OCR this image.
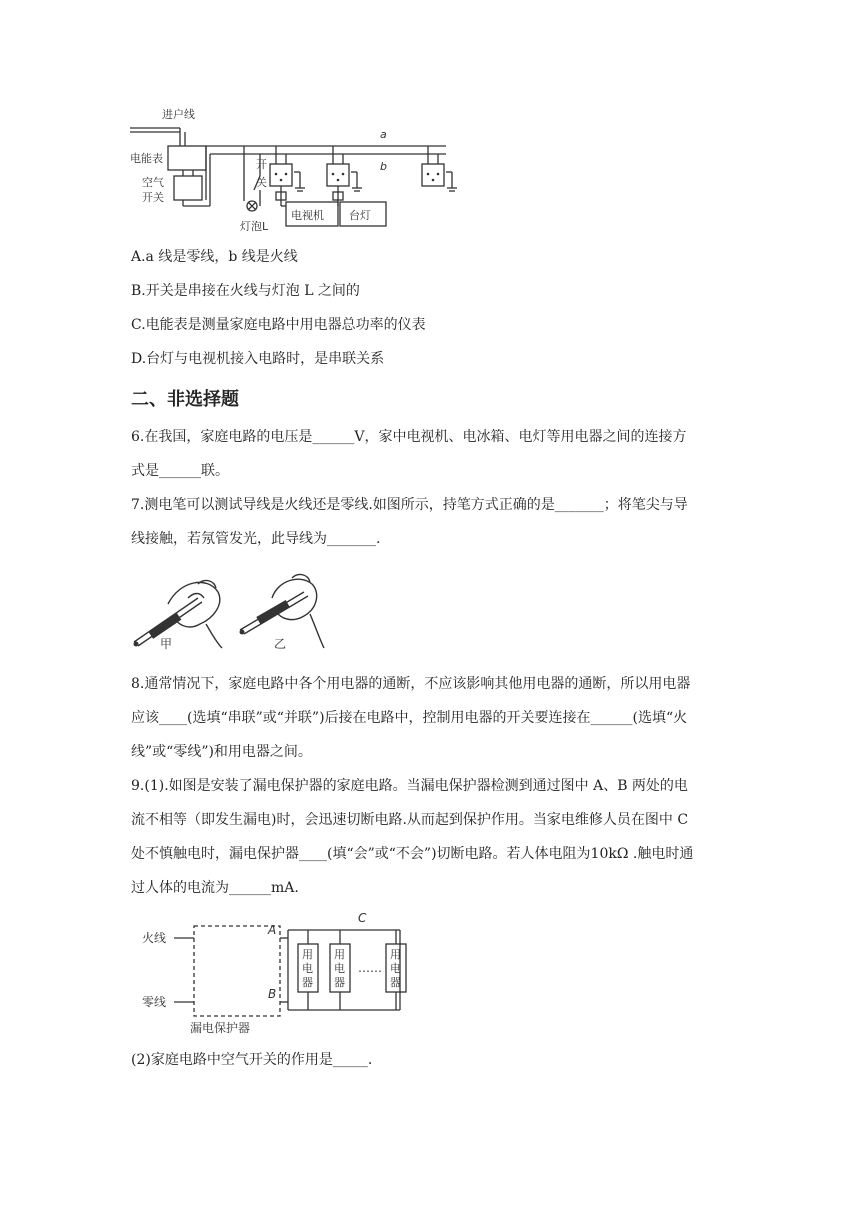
进户线
电能表
空气
开关
开
关
灯泡L
电视机 台灯
a
b
A.a 线是零线，b 线是火线
B.开关是串接在火线与灯泡 L 之间的
C.电能表是测量家庭电路中用电器总功率的仪表
D.台灯与电视机接入电路时，是串联关系
二、非选择题
6.在我国，家庭电路的电压是______V，家中电视机、电冰箱、电灯等用电器之间的连接方
式是______联。
7.测电笔可以测试导线是火线还是零线.如图所示，持笔方式正确的是_______；将笔尖与导
线接触，若氖管发光，此导线为_______.
甲	乙
8.通常情况下，家庭电路中各个用电器的通断，不应该影响其他用电器的通断，所以用电器
应该____(选填“串联”或“并联”)后接在电路中，控制用电器的开关要连接在______(选填“火
线”或“零线”)和用电器之间。
9.(1).如图是安装了漏电保护器的家庭电路。当漏电保护器检测到通过图中 A、B 两处的电
流不相等（即发生漏电)时，会迅速切断电路.从而起到保护作用。当家电维修人员在图中 C
处不慎触电时，漏电保护器____(填“会”或“不会”)切断电路。若人体电阻为10kΩ .触电时通
过人体的电流为______mA.
火线
零线
漏电保护器
A
B
C
……
用
电
器
用
电
器
用
电
器
(2)家庭电路中空气开关的作用是_____.
